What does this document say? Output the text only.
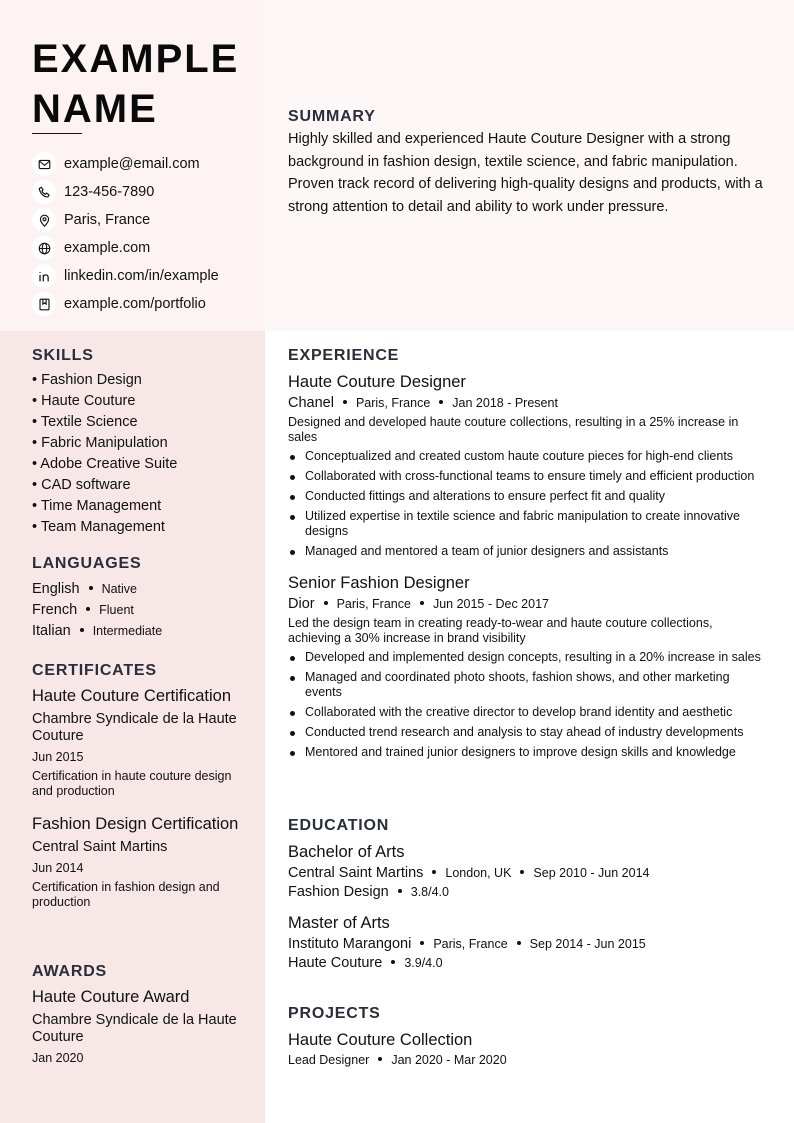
EXAMPLE
NAME
example@email.com
123-456-7890
Paris, France
example.com
linkedin.com/in/example
example.com/portfolio
SUMMARY

Highly skilled and experienced Haute Couture Designer with a strong background in fashion design, textile science, and fabric manipulation. Proven track record of delivering high-quality designs and products, with a strong attention to detail and ability to work under pressure.

SKILLS
• Fashion Design
• Haute Couture
• Textile Science
• Fabric Manipulation
• Adobe Creative Suite
• CAD software
• Time Management
• Team Management
LANGUAGES
English Native
French Fluent
Italian Intermediate
CERTIFICATES
Haute Couture Certification
Chambre Syndicale de la Haute Couture
Jun 2015
Certification in haute couture design and production
Fashion Design Certification
Central Saint Martins
Jun 2014
Certification in fashion design and production
AWARDS
Haute Couture Award
Chambre Syndicale de la Haute Couture
Jan 2020
EXPERIENCE
Haute Couture Designer
Chanel Paris, France Jan 2018 - Present
Designed and developed haute couture collections, resulting in a 25% increase in sales
Conceptualized and created custom haute couture pieces for high-end clients
Collaborated with cross-functional teams to ensure timely and efficient production
Conducted fittings and alterations to ensure perfect fit and quality
Utilized expertise in textile science and fabric manipulation to create innovative designs
Managed and mentored a team of junior designers and assistants
Senior Fashion Designer
Dior Paris, France Jun 2015 - Dec 2017
Led the design team in creating ready-to-wear and haute couture collections, achieving a 30% increase in brand visibility
Developed and implemented design concepts, resulting in a 20% increase in sales
Managed and coordinated photo shoots, fashion shows, and other marketing events
Collaborated with the creative director to develop brand identity and aesthetic
Conducted trend research and analysis to stay ahead of industry developments
Mentored and trained junior designers to improve design skills and knowledge
EDUCATION
Bachelor of Arts
Central Saint Martins London, UK Sep 2010 - Jun 2014
Fashion Design 3.8/4.0
Master of Arts
Instituto Marangoni Paris, France Sep 2014 - Jun 2015
Haute Couture 3.9/4.0
PROJECTS
Haute Couture Collection
Lead Designer Jan 2020 - Mar 2020
